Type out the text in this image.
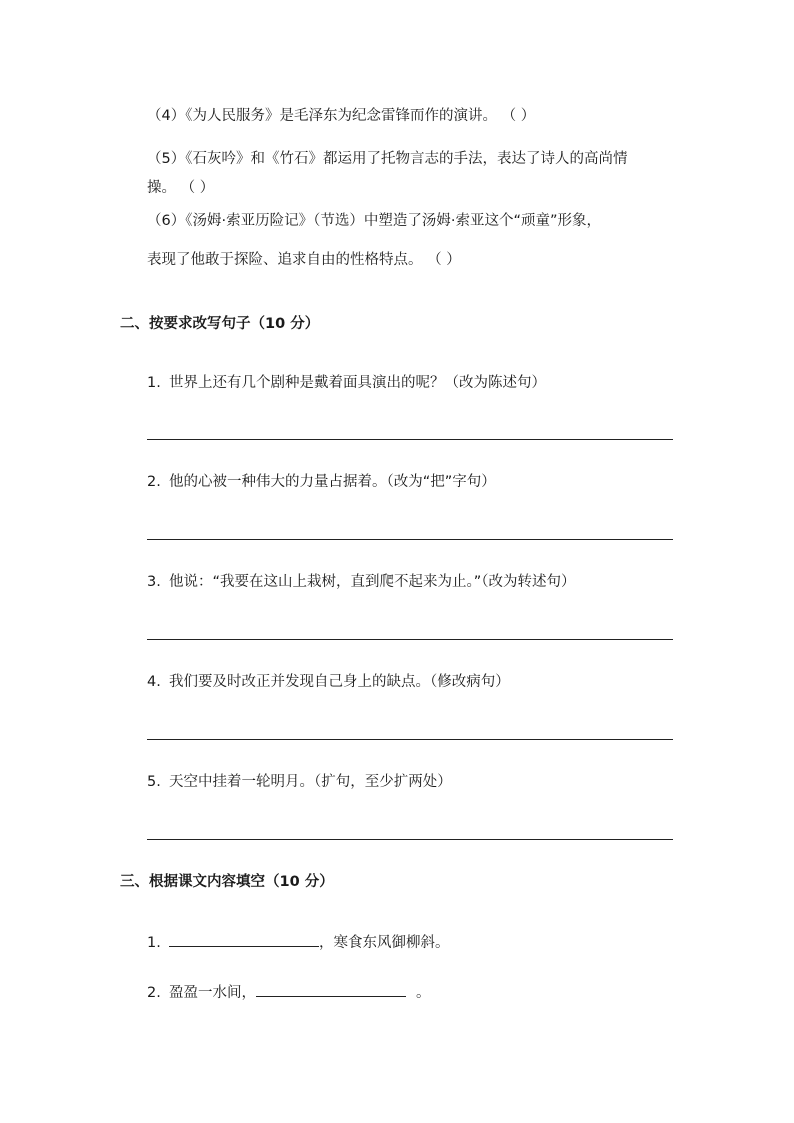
（4）《为人民服务》是毛泽东为纪念雷锋而作的演讲。 （ ）
（5）《石灰吟》和《竹石》都运用了托物言志的手法，表达了诗人的高尚情
操。 （ ）
（6）《汤姆·索亚历险记》（节选）中塑造了汤姆·索亚这个“顽童”形象，
表现了他敢于探险、追求自由的性格特点。 （ ）
二、按要求改写句子（10 分）
1. 世界上还有几个剧种是戴着面具演出的呢？（改为陈述句）
2. 他的心被一种伟大的力量占据着。（改为“把”字句）
3. 他说：“我要在这山上栽树，直到爬不起来为止。”（改为转述句）
4. 我们要及时改正并发现自己身上的缺点。（修改病句）
5. 天空中挂着一轮明月。（扩句，至少扩两处）
三、根据课文内容填空（10 分）
1.	，寒食东风御柳斜。
2. 盈盈一水间，	。
